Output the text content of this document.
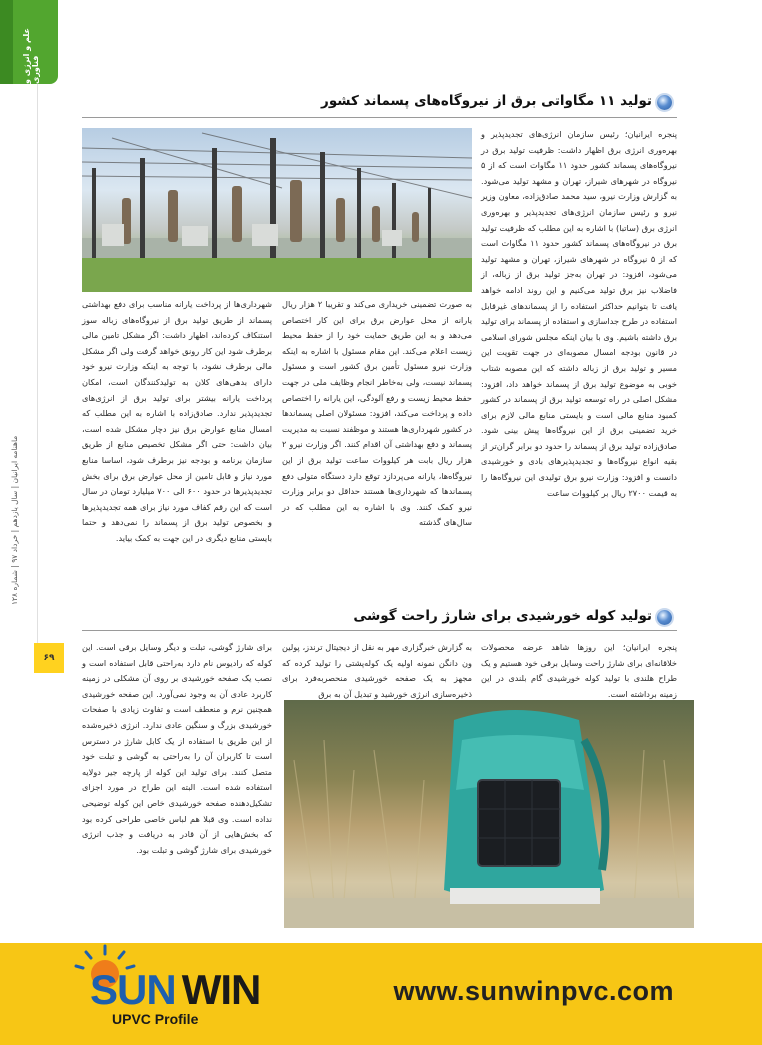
علم و انرژی و فناوری
ماهنامه ایرانیان | سال یازدهم | خرداد ۹۷ | شماره ۱۲۸
۶۹
تولید ۱۱ مگاواتی برق از نیروگاه‌های پسماند کشور

پنجره ایرانیان؛ رئیس سازمان انرژی‌های تجدیدپذیر و بهره‌وری انرژی برق اظهار داشت: ظرفیت تولید برق در نیروگاه‌های پسماند کشور حدود ۱۱ مگاوات است که از ۵ نیروگاه در شهرهای شیراز، تهران و مشهد تولید می‌شود. به گزارش وزارت نیرو، سید محمد صادق‌زاده، معاون وزیر نیرو و رئیس سازمان انرژی‌های تجدیدپذیر و بهره‌وری انرژی برق (ساتبا) با اشاره به این مطلب که ظرفیت تولید برق در نیروگاه‌های پسماند کشور حدود ۱۱ مگاوات است که از ۵ نیروگاه در شهرهای شیراز، تهران و مشهد تولید می‌شود، افزود: در تهران به‌جز تولید برق از زباله، از فاضلاب نیز برق تولید می‌کنیم و این روند ادامه خواهد یافت تا بتوانیم حداکثر استفاده را از پسماندهای غیرقابل استفاده در طرح جداسازی و استفاده از پسماند برای تولید برق داشته باشیم. وی با بیان اینکه مجلس شورای اسلامی در قانون بودجه امسال مصوبه‌ای در جهت تقویت این مسیر و تولید برق از زباله داشته که این مصوبه شتاب خوبی به موضوع تولید برق از پسماند خواهد داد، افزود: مشکل اصلی در راه توسعه تولید برق از پسماند در کشور کمبود منابع مالی است و بایستی منابع مالی لازم برای خرید تضمینی برق از این نیروگاه‌ها پیش بینی شود. صادق‌زاده تولید برق از پسماند را حدود دو برابر گران‌تر از بقیه انواع نیروگاه‌ها و تجدیدپذیرهای بادی و خورشیدی دانست و افزود: وزارت نیرو برق تولیدی این نیروگاه‌ها را به قیمت ۲۷۰۰ ریال بر کیلووات ساعت

به صورت تضمینی خریداری می‌کند و تقریبا ۲ هزار ریال یارانه از محل عوارض برق برای این کار اختصاص می‌دهد و به این طریق حمایت خود را از حفظ محیط زیست اعلام می‌کند. این مقام مسئول با اشاره به اینکه وزارت نیرو مسئول تأمین برق کشور است و مسئول پسماند نیست، ولی به‌خاطر انجام وظایف ملی در جهت حفظ محیط زیست و رفع آلودگی، این یارانه را اختصاص داده و پرداخت می‌کند، افزود: مسئولان اصلی پسماندها در کشور شهرداری‌ها هستند و موظفند نسبت به مدیریت پسماند و دفع بهداشتی آن اقدام کنند. اگر وزارت نیرو ۲ هزار ریال بابت هر کیلووات ساعت تولید برق از این نیروگاه‌ها، یارانه می‌پردازد توقع دارد دستگاه متولی دفع پسماندها که شهرداری‌ها هستند حداقل دو برابر وزارت نیرو کمک کنند. وی با اشاره به این مطلب که در سال‌های گذشته

شهرداری‌ها از پرداخت یارانه مناسب برای دفع بهداشتی پسماند از طریق تولید برق از نیروگاه‌های زباله سوز استنکاف کرده‌اند، اظهار داشت: اگر مشکل تامین مالی برطرف شود این کار رونق خواهد گرفت ولی اگر مشکل مالی برطرف نشود، با توجه به اینکه وزارت نیرو خود دارای بدهی‌های کلان به تولیدکنندگان است، امکان پرداخت یارانه بیشتر برای تولید برق از انرژی‌های تجدیدپذیر ندارد. صادق‌زاده با اشاره به این مطلب که امسال منابع عوارض برق نیز دچار مشکل شده است، بیان داشت: حتی اگر مشکل تخصیص منابع از طریق سازمان برنامه و بودجه نیز برطرف شود، اساسا منابع مورد نیاز و قابل تامین از محل عوارض برق برای بخش تجدیدپذیرها در حدود ۶۰۰ الی ۷۰۰ میلیارد تومان در سال است که این رقم کفاف مورد نیاز برای همه تجدیدپذیرها و بخصوص تولید برق از پسماند را نمی‌دهد و حتما بایستی منابع دیگری در این جهت به کمک بیاید.

تولید کوله خورشیدی برای شارژ راحت گوشی

پنجره ایرانیان؛ این روزها شاهد عرضه محصولات خلاقانه‌ای برای شارژ راحت وسایل برقی خود هستیم و یک طراح هلندی با تولید کوله خورشیدی گام بلندی در این زمینه برداشته است.

به گزارش خبرگزاری مهر به نقل از دیجیتال ترندز، پولین ون دانگن نمونه اولیه یک کوله‌پشتی را تولید کرده که مجهز به یک صفحه خورشیدی منحصربه‌فرد برای ذخیره‌سازی انرژی خورشید و تبدیل آن به برق

برای شارژ گوشی، تبلت و دیگر وسایل برقی است. این کوله که رادیوس نام دارد به‌راحتی قابل استفاده است و نصب یک صفحه خورشیدی بر روی آن مشکلی در زمینه کاربرد عادی آن به وجود نمی‌آورد. این صفحه خورشیدی همچنین نرم و منعطف است و تفاوت زیادی با صفحات خورشیدی بزرگ و سنگین عادی ندارد. انرژی ذخیره‌شده از این طریق با استفاده از یک کابل شارژ در دسترس است تا کاربران آن را به‌راحتی به گوشی و تبلت خود متصل کنند. برای تولید این کوله از پارچه جیر دولایه استفاده شده است. البته این طراح در مورد اجزای تشکیل‌دهنده صفحه خورشیدی خاص این کوله توضیحی نداده است. وی قبلا هم لباس خاصی طراحی کرده بود که بخش‌هایی از آن قادر به دریافت و جذب انرژی خورشیدی برای شارژ گوشی و تبلت بود.

SUN WIN
UPVC Profile
www.sunwinpvc.com
